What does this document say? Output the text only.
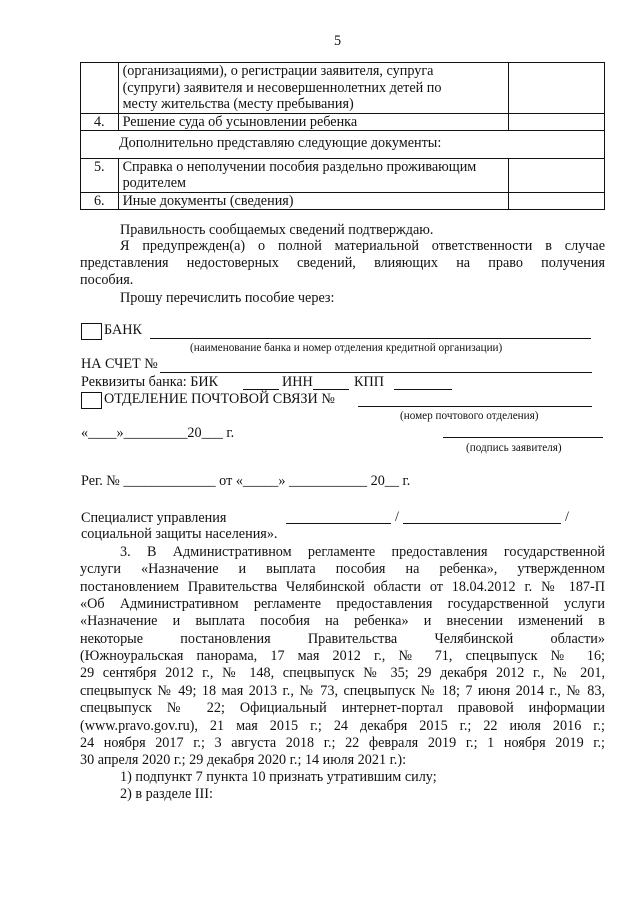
5

	(организациями), о регистрации заявителя, супруга
(супруги) заявителя и несовершеннолетних детей по
месту жительства (месту пребывания)	

4.	Решение суда об усыновлении ребенка	

Дополнительно представляю следующие документы:		

5.	Справка о неполучении пособия раздельно проживающим
родителем	

6.	Иные документы (сведения)	

Правильность сообщаемых сведений подтверждаю.
Я предупрежден(а) о полной материальной ответственности в случае
представления недостоверных сведений, влияющих на право получения
пособия.
Прошу перечислить пособие через:
БАНК
(наименование банка и номер отделения кредитной организации)
НА СЧЕТ №
Реквизиты банка: БИК	ИНН	КПП
ОТДЕЛЕНИЕ ПОЧТОВОЙ СВЯЗИ №
(номер почтового отделения)
«____»_________20___ г.
(подпись заявителя)
Рег. № _____________ от «_____» ___________ 20__ г.
Специалист управления	/	/
социальной защиты населения».
3. В Административном регламенте предоставления государственной
услуги «Назначение и выплата пособия на ребенка», утвержденном
постановлением Правительства Челябинской области от 18.04.2012 г. № 187-П
«Об Административном регламенте предоставления государственной услуги
«Назначение и выплата пособия на ребенка» и внесении изменений в
некоторые постановления Правительства Челябинской области»
(Южноуральская панорама, 17 мая 2012 г., № 71, спецвыпуск № 16;
29 сентября 2012 г., № 148, спецвыпуск № 35; 29 декабря 2012 г., № 201,
спецвыпуск № 49; 18 мая 2013 г., № 73, спецвыпуск № 18; 7 июня 2014 г., № 83,
спецвыпуск № 22; Официальный интернет-портал правовой информации
(www.pravo.gov.ru), 21 мая 2015 г.; 24 декабря 2015 г.; 22 июля 2016 г.;
24 ноября 2017 г.; 3 августа 2018 г.; 22 февраля 2019 г.; 1 ноября 2019 г.;
30 апреля 2020 г.; 29 декабря 2020 г.; 14 июля 2021 г.):
1) подпункт 7 пункта 10 признать утратившим силу;
2) в разделе III:
